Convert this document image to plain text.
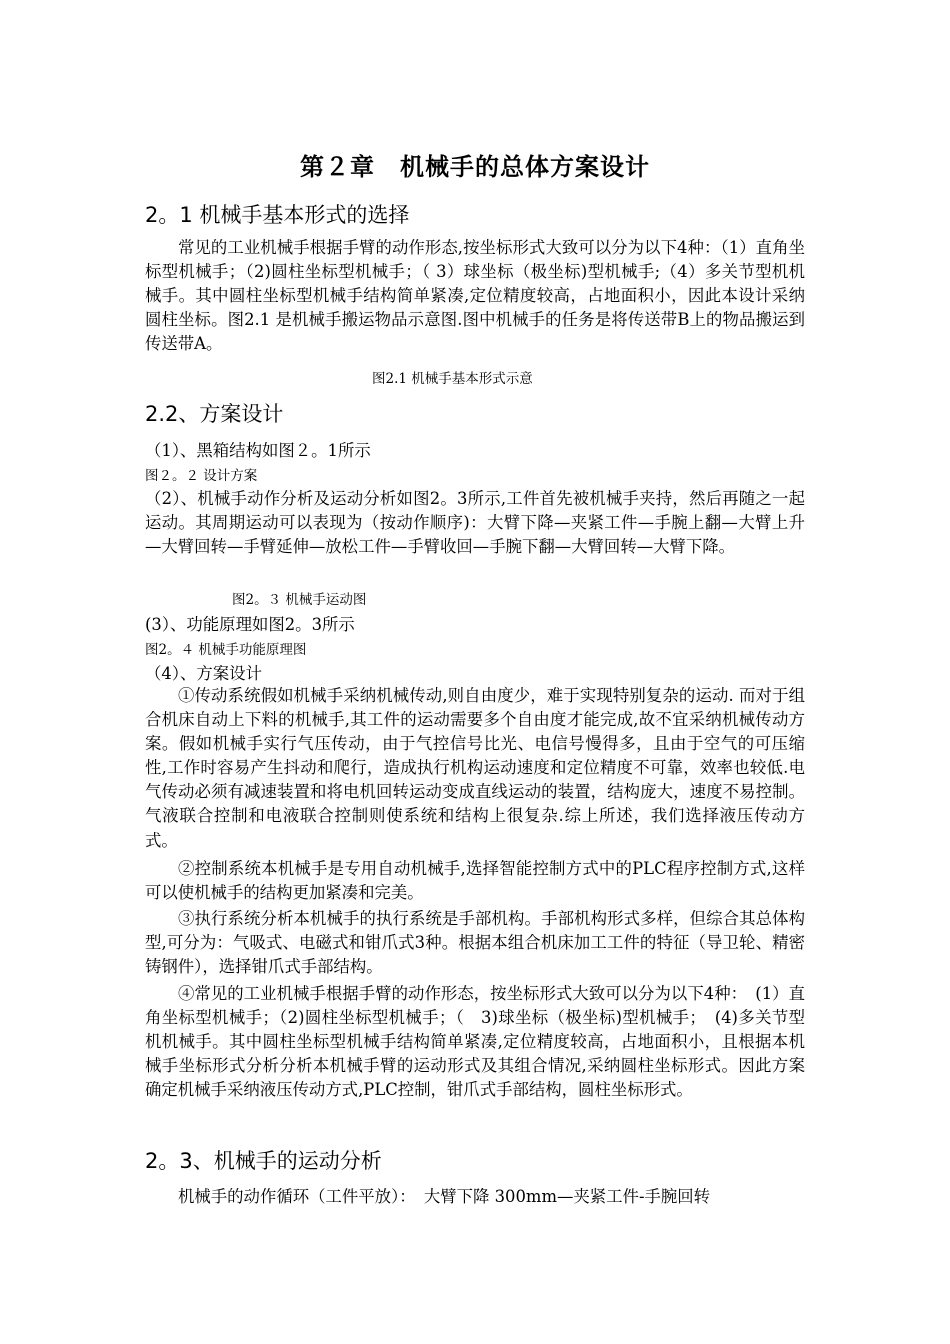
第２章　机械手的总体方案设计
2。1 机械手基本形式的选择
常见的工业机械手根据手臂的动作形态,按坐标形式大致可以分为以下4种：（1）直角坐标型机械手；（2)圆柱坐标型机械手；（ 3）球坐标（极坐标)型机械手;（4）多关节型机机械手。其中圆柱坐标型机械手结构简单紧凑,定位精度较高，占地面积小，因此本设计采纳圆柱坐标。图2.1 是机械手搬运物品示意图.图中机械手的任务是将传送带B上的物品搬运到传送带A。
图2.1 机械手基本形式示意
2.2、方案设计
（1）、黑箱结构如图２。1所示
图２。２ 设计方案
（2）、机械手动作分析及运动分析如图2。3所示,工件首先被机械手夹持，然后再随之一起运动。其周期运动可以表现为（按动作顺序)：大臂下降—夹紧工件—手腕上翻—大臂上升—大臂回转—手臂延伸—放松工件—手臂收回—手腕下翻—大臂回转—大臂下降。
图2。３ 机械手运动图
(3）、功能原理如图2。3所示
图2。４ 机械手功能原理图
（4）、方案设计
①传动系统假如机械手采纳机械传动,则自由度少，难于实现特别复杂的运动. 而对于组合机床自动上下料的机械手,其工件的运动需要多个自由度才能完成,故不宜采纳机械传动方案。假如机械手实行气压传动，由于气控信号比光、电信号慢得多，且由于空气的可压缩性,工作时容易产生抖动和爬行，造成执行机构运动速度和定位精度不可靠，效率也较低.电气传动必须有减速装置和将电机回转运动变成直线运动的装置，结构庞大，速度不易控制。气液联合控制和电液联合控制则使系统和结构上很复杂.综上所述，我们选择液压传动方式。
②控制系统本机械手是专用自动机械手,选择智能控制方式中的PLC程序控制方式,这样可以使机械手的结构更加紧凑和完美。
③执行系统分析本机械手的执行系统是手部机构。手部机构形式多样，但综合其总体构型,可分为：气吸式、电磁式和钳爪式3种。根据本组合机床加工工件的特征（导卫轮、精密铸钢件），选择钳爪式手部结构。
④常见的工业机械手根据手臂的动作形态，按坐标形式大致可以分为以下4种：　(1）直角坐标型机械手；（2)圆柱坐标型机械手；（　3)球坐标（极坐标)型机械手；　(4)多关节型机机械手。其中圆柱坐标型机械手结构简单紧凑,定位精度较高，占地面积小，且根据本机械手坐标形式分析分析本机械手臂的运动形式及其组合情况,采纳圆柱坐标形式。因此方案确定机械手采纳液压传动方式,PLC控制，钳爪式手部结构，圆柱坐标形式。
2。3、机械手的运动分析
机械手的动作循环（工件平放）：　大臂下降 300mm—夹紧工件-手腕回转
